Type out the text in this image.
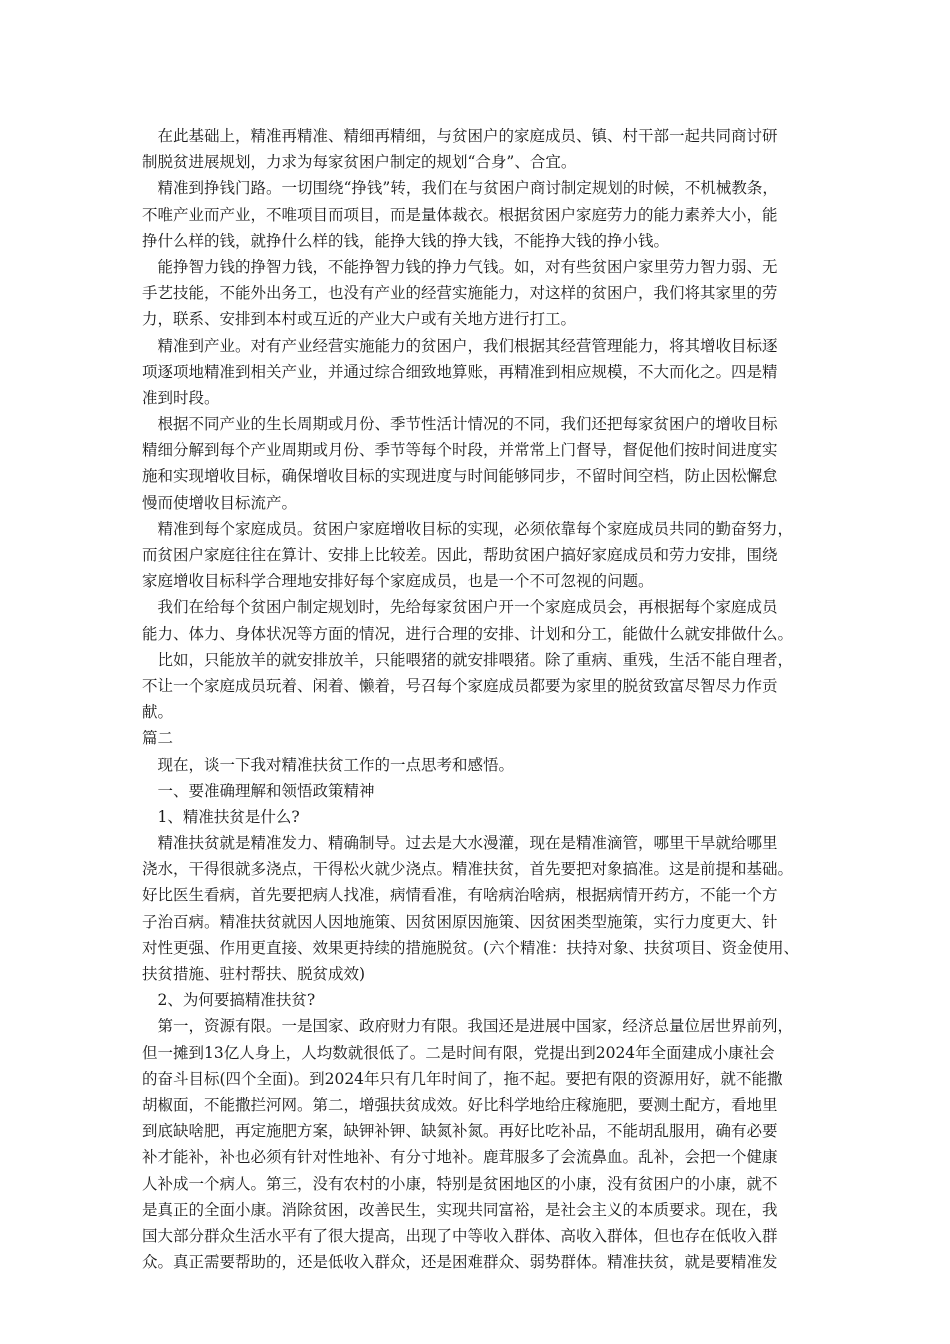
　在此基础上，精准再精准、精细再精细，与贫困户的家庭成员、镇、村干部一起共同商讨研
制脱贫进展规划，力求为每家贫困户制定的规划“合身”、合宜。
　精准到挣钱门路。一切围绕“挣钱”转，我们在与贫困户商讨制定规划的时候，不机械教条，
不唯产业而产业，不唯项目而项目，而是量体裁衣。根据贫困户家庭劳力的能力素养大小，能
挣什么样的钱，就挣什么样的钱，能挣大钱的挣大钱，不能挣大钱的挣小钱。
　能挣智力钱的挣智力钱，不能挣智力钱的挣力气钱。如，对有些贫困户家里劳力智力弱、无
手艺技能，不能外出务工，也没有产业的经营实施能力，对这样的贫困户，我们将其家里的劳
力，联系、安排到本村或互近的产业大户或有关地方进行打工。
　精准到产业。对有产业经营实施能力的贫困户，我们根据其经营管理能力，将其增收目标逐
项逐项地精准到相关产业，并通过综合细致地算账，再精准到相应规模，不大而化之。四是精
准到时段。
　根据不同产业的生长周期或月份、季节性活计情况的不同，我们还把每家贫困户的增收目标
精细分解到每个产业周期或月份、季节等每个时段，并常常上门督导，督促他们按时间进度实
施和实现增收目标，确保增收目标的实现进度与时间能够同步，不留时间空档，防止因松懈怠
慢而使增收目标流产。
　精准到每个家庭成员。贫困户家庭增收目标的实现，必须依靠每个家庭成员共同的勤奋努力，
而贫困户家庭往往在算计、安排上比较差。因此，帮助贫困户搞好家庭成员和劳力安排，围绕
家庭增收目标科学合理地安排好每个家庭成员，也是一个不可忽视的问题。
　我们在给每个贫困户制定规划时，先给每家贫困户开一个家庭成员会，再根据每个家庭成员
能力、体力、身体状况等方面的情况，进行合理的安排、计划和分工，能做什么就安排做什么。
　比如，只能放羊的就安排放羊，只能喂猪的就安排喂猪。除了重病、重残，生活不能自理者，
不让一个家庭成员玩着、闲着、懒着，号召每个家庭成员都要为家里的脱贫致富尽智尽力作贡
献。
篇二
　现在，谈一下我对精准扶贫工作的一点思考和感悟。
　一、要准确理解和领悟政策精神
　1、精准扶贫是什么?
　精准扶贫就是精准发力、精确制导。过去是大水漫灌，现在是精准滴管，哪里干旱就给哪里
浇水，干得很就多浇点，干得松火就少浇点。精准扶贫，首先要把对象搞准。这是前提和基础。
好比医生看病，首先要把病人找准，病情看准，有啥病治啥病，根据病情开药方，不能一个方
子治百病。精准扶贫就因人因地施策、因贫困原因施策、因贫困类型施策，实行力度更大、针
对性更强、作用更直接、效果更持续的措施脱贫。(六个精准：扶持对象、扶贫项目、资金使用、
扶贫措施、驻村帮扶、脱贫成效)
　2、为何要搞精准扶贫?
　第一，资源有限。一是国家、政府财力有限。我国还是进展中国家，经济总量位居世界前列，
但一摊到13亿人身上，人均数就很低了。二是时间有限，党提出到2024年全面建成小康社会
的奋斗目标(四个全面)。到2024年只有几年时间了，拖不起。要把有限的资源用好，就不能撒
胡椒面，不能撒拦河网。第二，增强扶贫成效。好比科学地给庄稼施肥，要测土配方，看地里
到底缺啥肥，再定施肥方案，缺钾补钾、缺氮补氮。再好比吃补品，不能胡乱服用，确有必要
补才能补，补也必须有针对性地补、有分寸地补。鹿茸服多了会流鼻血。乱补，会把一个健康
人补成一个病人。第三，没有农村的小康，特别是贫困地区的小康，没有贫困户的小康，就不
是真正的全面小康。消除贫困，改善民生，实现共同富裕，是社会主义的本质要求。现在，我
国大部分群众生活水平有了很大提高，出现了中等收入群体、高收入群体，但也存在低收入群
众。真正需要帮助的，还是低收入群众，还是困难群众、弱势群体。精准扶贫，就是要精准发
